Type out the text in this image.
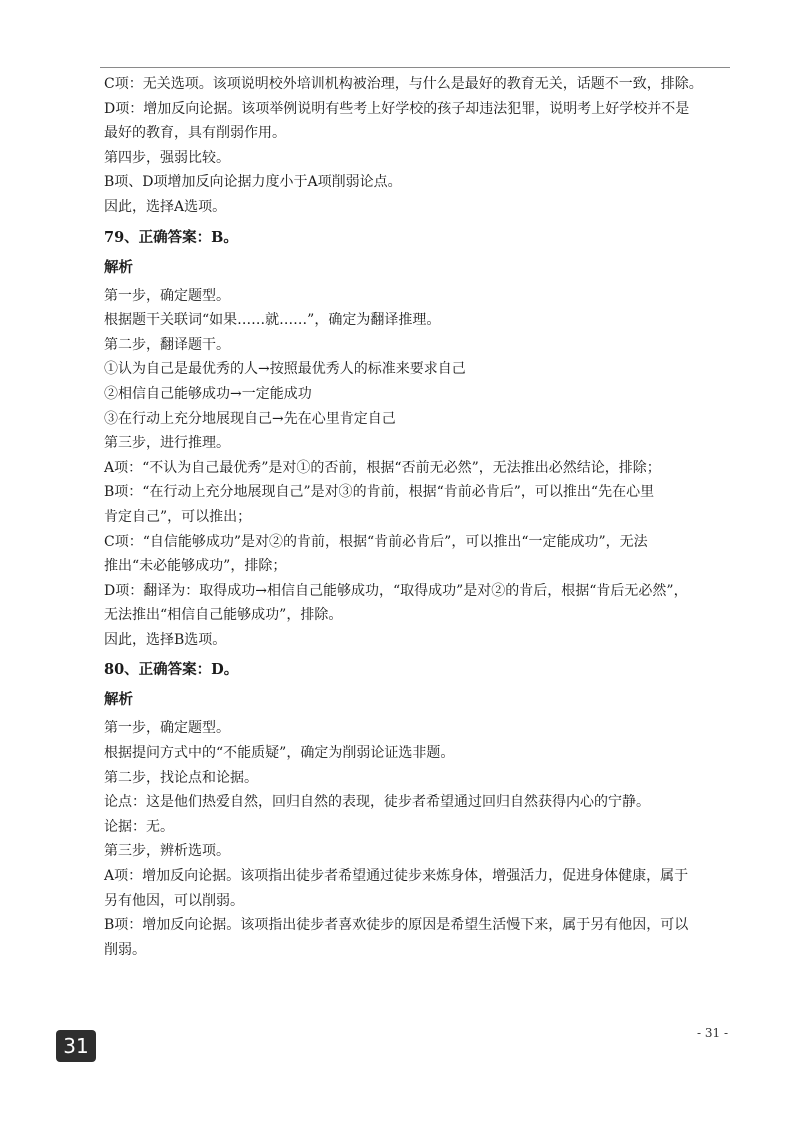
C项：无关选项。该项说明校外培训机构被治理，与什么是最好的教育无关，话题不一致，排除。
D项：增加反向论据。该项举例说明有些考上好学校的孩子却违法犯罪，说明考上好学校并不是
最好的教育，具有削弱作用。
第四步，强弱比较。
B项、D项增加反向论据力度小于A项削弱论点。
因此，选择A选项。
79、正确答案：B。
解析
第一步，确定题型。
根据题干关联词“如果……就……”，确定为翻译推理。
第二步，翻译题干。
①认为自己是最优秀的人→按照最优秀人的标准来要求自己
②相信自己能够成功→一定能成功
③在行动上充分地展现自己→先在心里肯定自己
第三步，进行推理。
A项：“不认为自己最优秀”是对①的否前，根据“否前无必然”，无法推出必然结论，排除；
B项：“在行动上充分地展现自己”是对③的肯前，根据“肯前必肯后”，可以推出“先在心里
肯定自己”，可以推出；
C项：“自信能够成功”是对②的肯前，根据“肯前必肯后”，可以推出“一定能成功”，无法
推出“未必能够成功”，排除；
D项：翻译为：取得成功→相信自己能够成功，“取得成功”是对②的肯后，根据“肯后无必然”，
无法推出“相信自己能够成功”，排除。
因此，选择B选项。
80、正确答案：D。
解析
第一步，确定题型。
根据提问方式中的“不能质疑”，确定为削弱论证选非题。
第二步，找论点和论据。
论点：这是他们热爱自然，回归自然的表现，徒步者希望通过回归自然获得内心的宁静。
论据：无。
第三步，辨析选项。
A项：增加反向论据。该项指出徒步者希望通过徒步来炼身体，增强活力，促进身体健康，属于
另有他因，可以削弱。
B项：增加反向论据。该项指出徒步者喜欢徒步的原因是希望生活慢下来，属于另有他因，可以
削弱。
31
- 31 -
